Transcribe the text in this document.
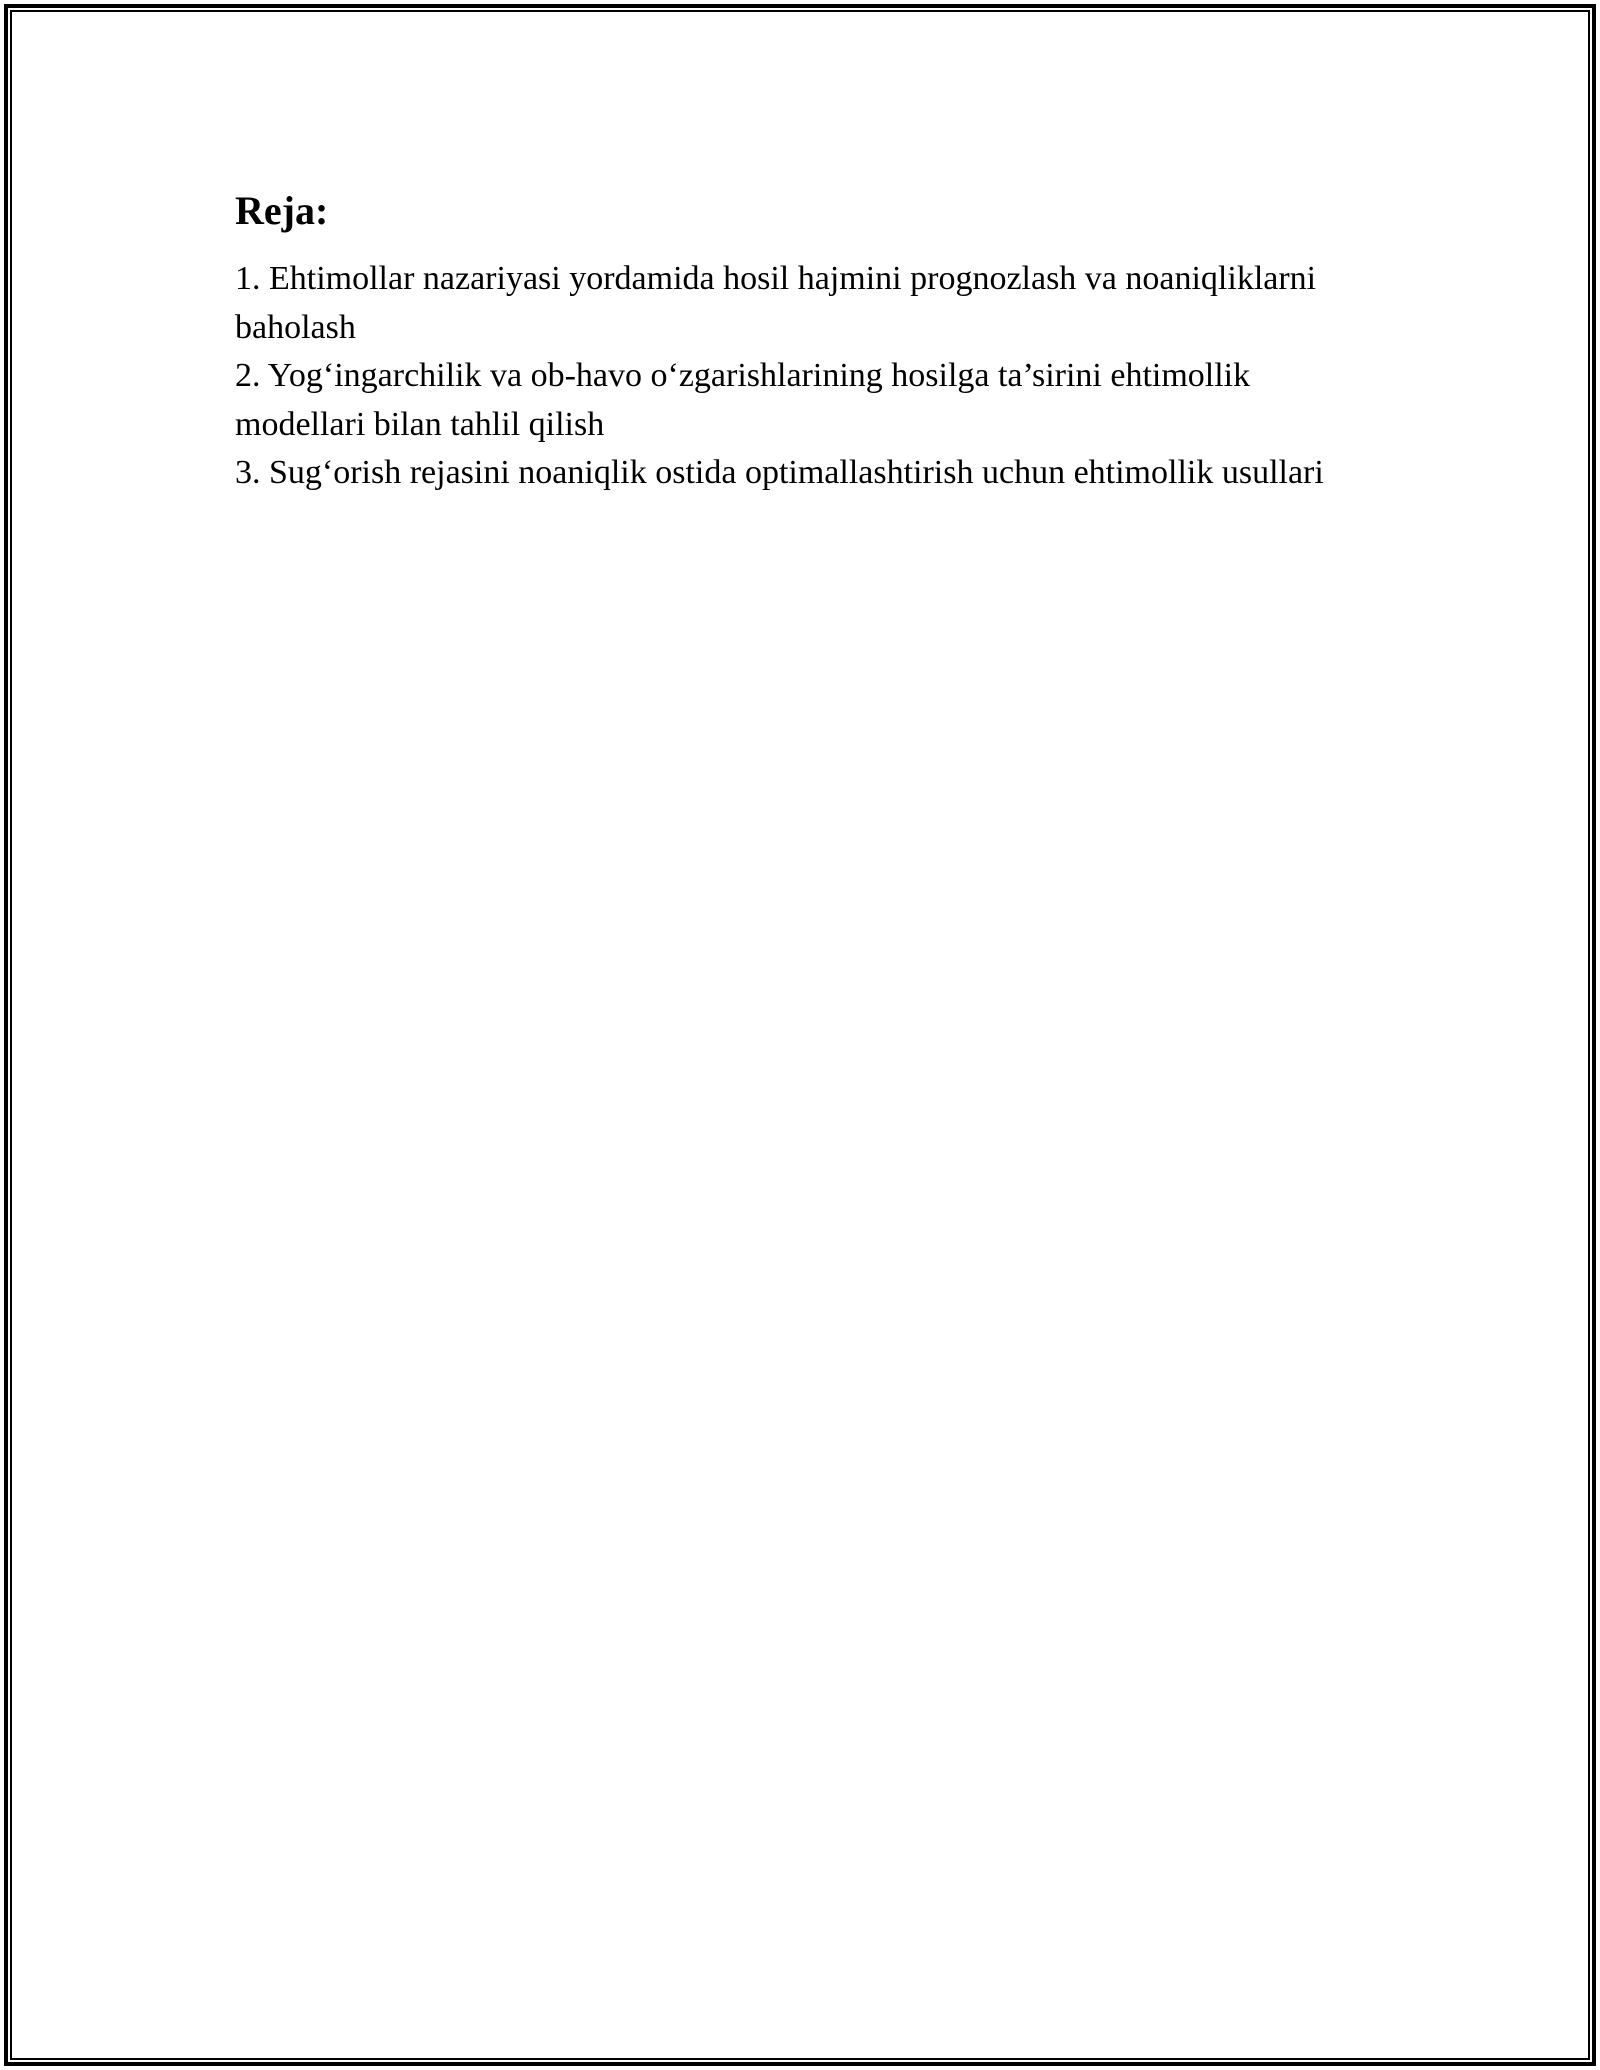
Reja:
1. Ehtimollar nazariyasi yordamida hosil hajmini prognozlash va noaniqliklarni baholash
2. Yog‘ingarchilik va ob-havo o‘zgarishlarining hosilga ta’sirini ehtimollik modellari bilan tahlil qilish
3. Sug‘orish rejasini noaniqlik ostida optimallashtirish uchun ehtimollik usullari
